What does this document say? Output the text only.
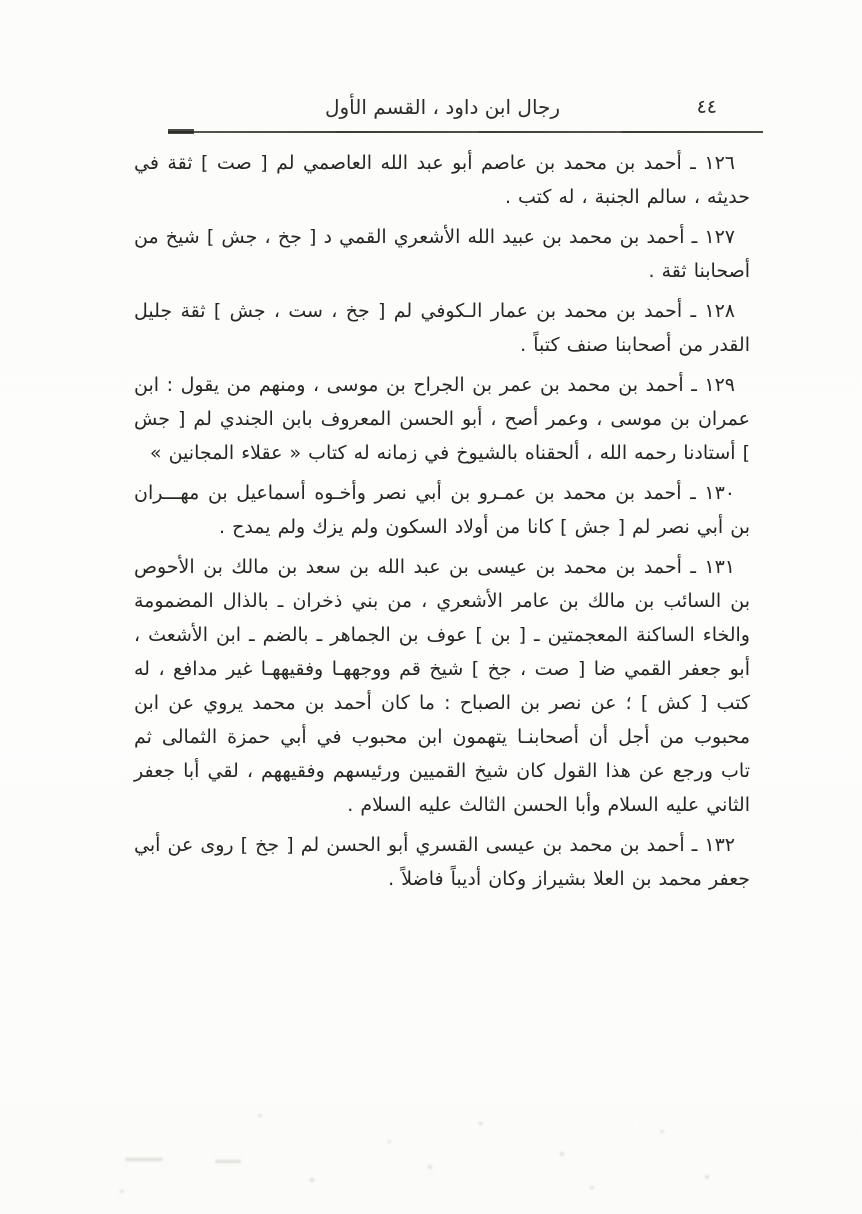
رجال ابن داود ، القسم الأول	٤٤

١٢٦ ـ أحمد بن محمد بن عاصم أبو عبد الله العاصمي لم [ صت ] ثقة في حديثه ، سالم الجنبة ، له كتب .

١٢٧ ـ أحمد بن محمد بن عبيد الله الأشعري القمي د [ جخ ، جش ] شيخ من أصحابنا ثقة .

١٢٨ ـ أحمد بن محمد بن عمار الـكوفي لم [ جخ ، ست ، جش ] ثقة جليل القدر من أصحابنا صنف كتباً .

١٢٩ ـ أحمد بن محمد بن عمر بن الجراح بن موسى ، ومنهم من يقول : ابن عمران بن موسى ، وعمر أصح ، أبو الحسن المعروف بابن الجندي لم [ جش ] أستادنا رحمه الله ، ألحقناه بالشيوخ في زمانه له كتاب « عقلاء المجانين »

١٣٠ ـ أحمد بن محمد بن عمـرو بن أبي نصر وأخـوه أسماعيل بن مهـــران بن أبي نصر لم [ جش ] كانا من أولاد السكون ولم يزك ولم يمدح .

١٣١ ـ أحمد بن محمد بن عيسى بن عبد الله بن سعد بن مالك بن الأحوص بن السائب بن مالك بن عامر الأشعري ، من بني ذخران ـ بالذال المضمومة والخاء الساكنة المعجمتين ـ [ بن ] عوف بن الجماهر ـ بالضم ـ ابن الأشعث ، أبو جعفر القمي ضا [ صت ، جخ ] شيخ قم ووجههـا وفقيههـا غير مدافع ، له كتب [ كش ] ؛ عن نصر بن الصباح : ما كان أحمد بن محمد يروي عن ابن محبوب من أجل أن أصحابنـا يتهمون ابن محبوب في أبي حمزة الثمالى ثم تاب ورجع عن هذا القول كان شيخ القميين ورئيسهم وفقيههم ، لقي أبا جعفر الثاني عليه السلام وأبا الحسن الثالث عليه السلام .

١٣٢ ـ أحمد بن محمد بن عيسى القسري أبو الحسن لم [ جخ ] روى عن أبي جعفر محمد بن العلا بشيراز وكان أديباً فاضلاً .
